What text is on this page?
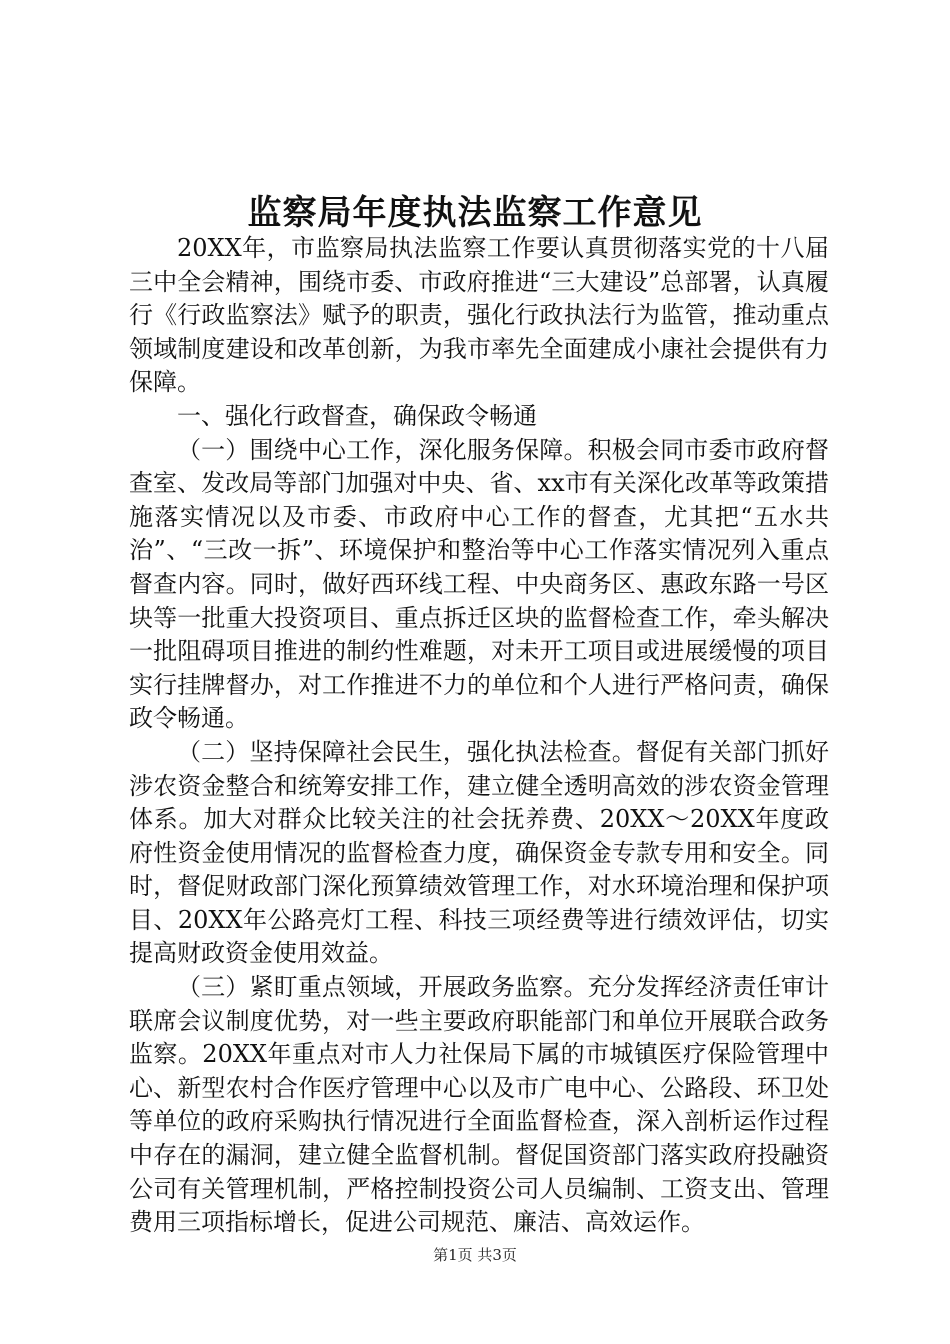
监察局年度执法监察工作意见

20XX年，市监察局执法监察工作要认真贯彻落实党的十八届三中全会精神，围绕市委、市政府推进“三大建设”总部署，认真履行《行政监察法》赋予的职责，强化行政执法行为监管，推动重点领域制度建设和改革创新，为我市率先全面建成小康社会提供有力保障。

一、强化行政督查，确保政令畅通

（一）围绕中心工作，深化服务保障。积极会同市委市政府督查室、发改局等部门加强对中央、省、xx市有关深化改革等政策措施落实情况以及市委、市政府中心工作的督查，尤其把“五水共治”、“三改一拆”、环境保护和整治等中心工作落实情况列入重点督查内容。同时，做好西环线工程、中央商务区、惠政东路一号区块等一批重大投资项目、重点拆迁区块的监督检查工作，牵头解决一批阻碍项目推进的制约性难题，对未开工项目或进展缓慢的项目实行挂牌督办，对工作推进不力的单位和个人进行严格问责，确保政令畅通。

（二）坚持保障社会民生，强化执法检查。督促有关部门抓好涉农资金整合和统筹安排工作，建立健全透明高效的涉农资金管理体系。加大对群众比较关注的社会抚养费、20XX～20XX年度政府性资金使用情况的监督检查力度，确保资金专款专用和安全。同时，督促财政部门深化预算绩效管理工作，对水环境治理和保护项目、20XX年公路亮灯工程、科技三项经费等进行绩效评估，切实提高财政资金使用效益。

（三）紧盯重点领域，开展政务监察。充分发挥经济责任审计联席会议制度优势，对一些主要政府职能部门和单位开展联合政务监察。20XX年重点对市人力社保局下属的市城镇医疗保险管理中心、新型农村合作医疗管理中心以及市广电中心、公路段、环卫处等单位的政府采购执行情况进行全面监督检查，深入剖析运作过程中存在的漏洞，建立健全监督机制。督促国资部门落实政府投融资公司有关管理机制，严格控制投资公司人员编制、工资支出、管理费用三项指标增长，促进公司规范、廉洁、高效运作。

第1页 共3页
